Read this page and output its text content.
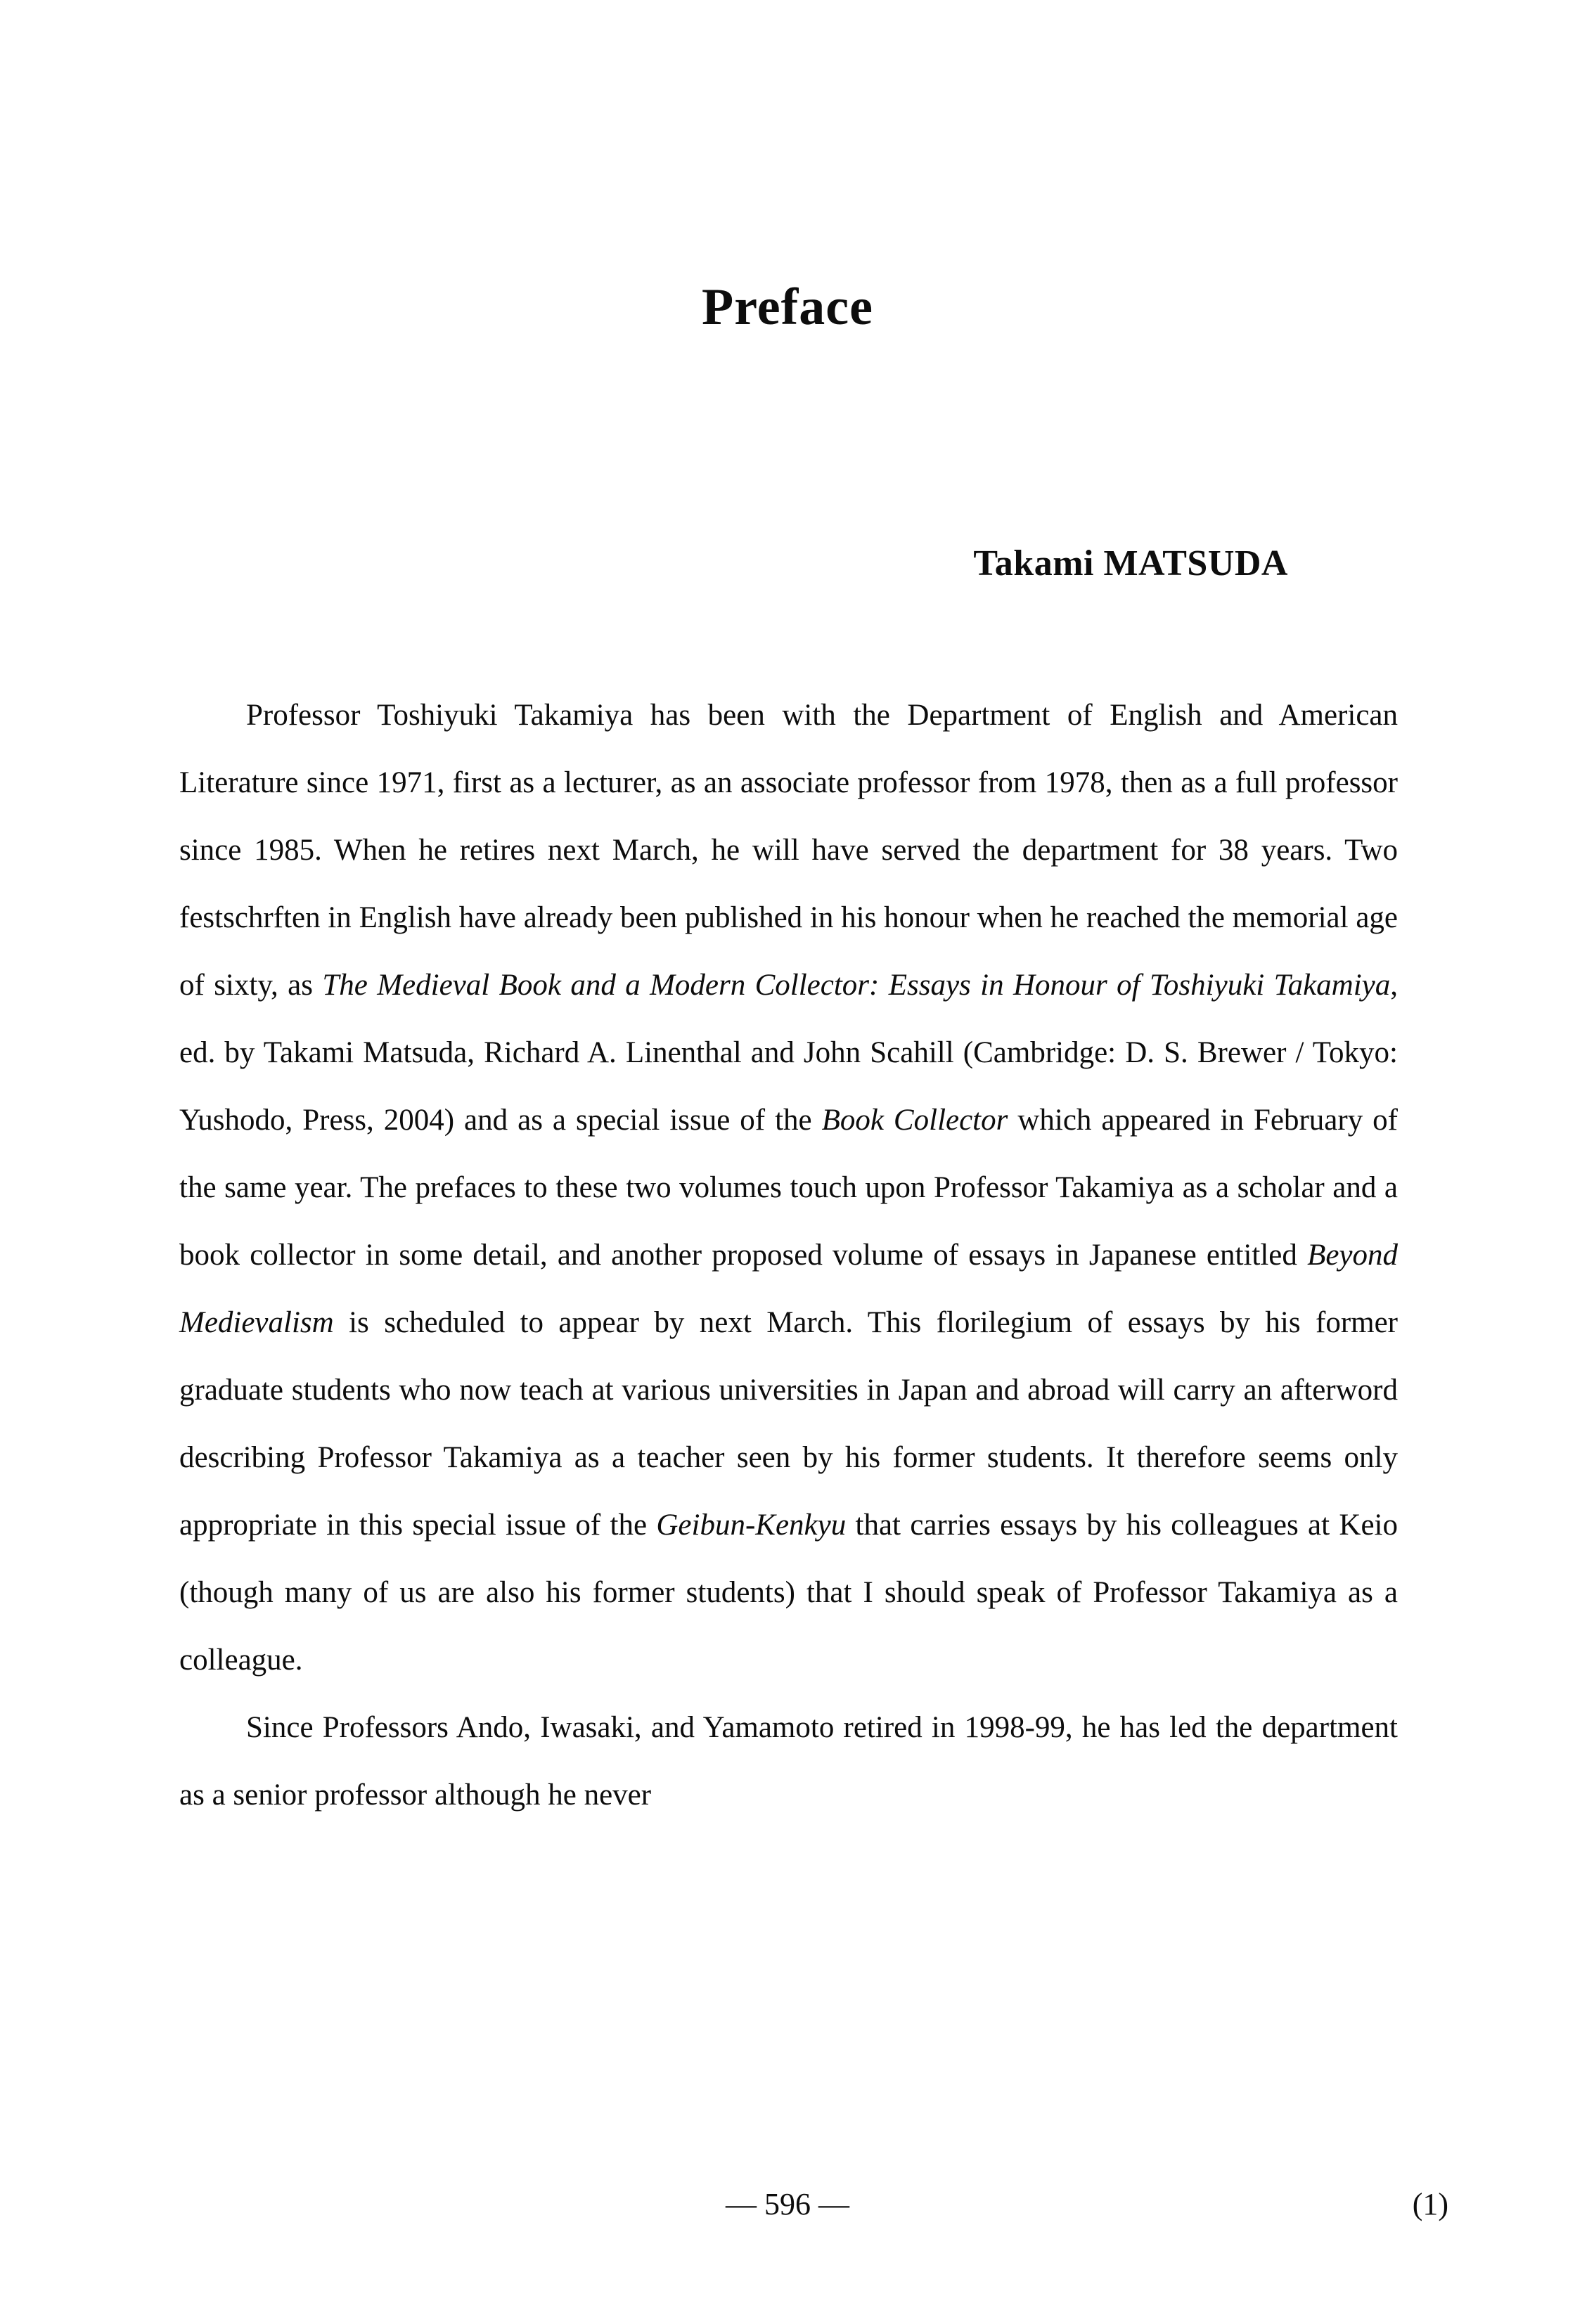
Preface
Takami MATSUDA

Professor Toshiyuki Takamiya has been with the Department of English and American Literature since 1971, first as a lecturer, as an associate professor from 1978, then as a full professor since 1985. When he retires next March, he will have served the department for 38 years. Two festschrften in English have already been published in his honour when he reached the memorial age of sixty, as The Medieval Book and a Modern Collector: Essays in Honour of Toshiyuki Takamiya, ed. by Takami Matsuda, Richard A. Linenthal and John Scahill (Cambridge: D. S. Brewer / Tokyo: Yushodo, Press, 2004) and as a special issue of the Book Collector which appeared in February of the same year. The prefaces to these two volumes touch upon Professor Takamiya as a scholar and a book collector in some detail, and another proposed volume of essays in Japanese entitled Beyond Medievalism is scheduled to appear by next March. This florilegium of essays by his former graduate students who now teach at various universities in Japan and abroad will carry an afterword describing Professor Takamiya as a teacher seen by his former students. It therefore seems only appropriate in this special issue of the Geibun-Kenkyu that carries essays by his colleagues at Keio (though many of us are also his former students) that I should speak of Professor Takamiya as a colleague.

Since Professors Ando, Iwasaki, and Yamamoto retired in 1998-99, he has led the department as a senior professor although he never

— 596 —	(1)
